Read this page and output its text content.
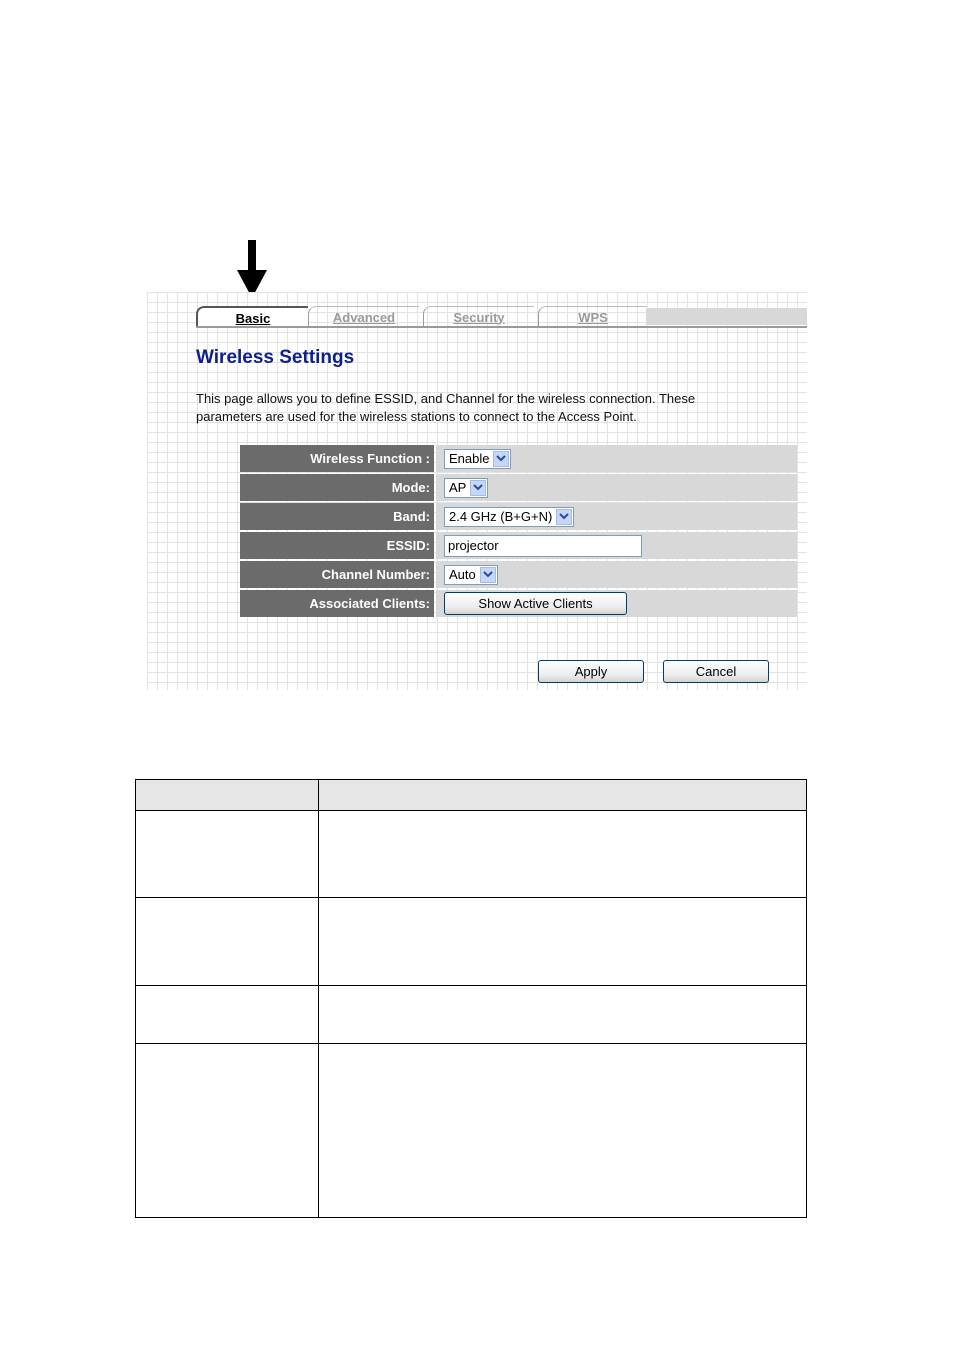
Basic	Advanced	Security	WPS
Wireless Settings
This page allows you to define ESSID, and Channel for the wireless connection. These parameters are used for the wireless stations to connect to the Access Point.
Wireless Function :	Enable
Mode:	AP
Band:	2.4 GHz (B+G+N)
ESSID:	projector
Channel Number:	Auto
Associated Clients:	Show Active Clients
Apply	Cancel
